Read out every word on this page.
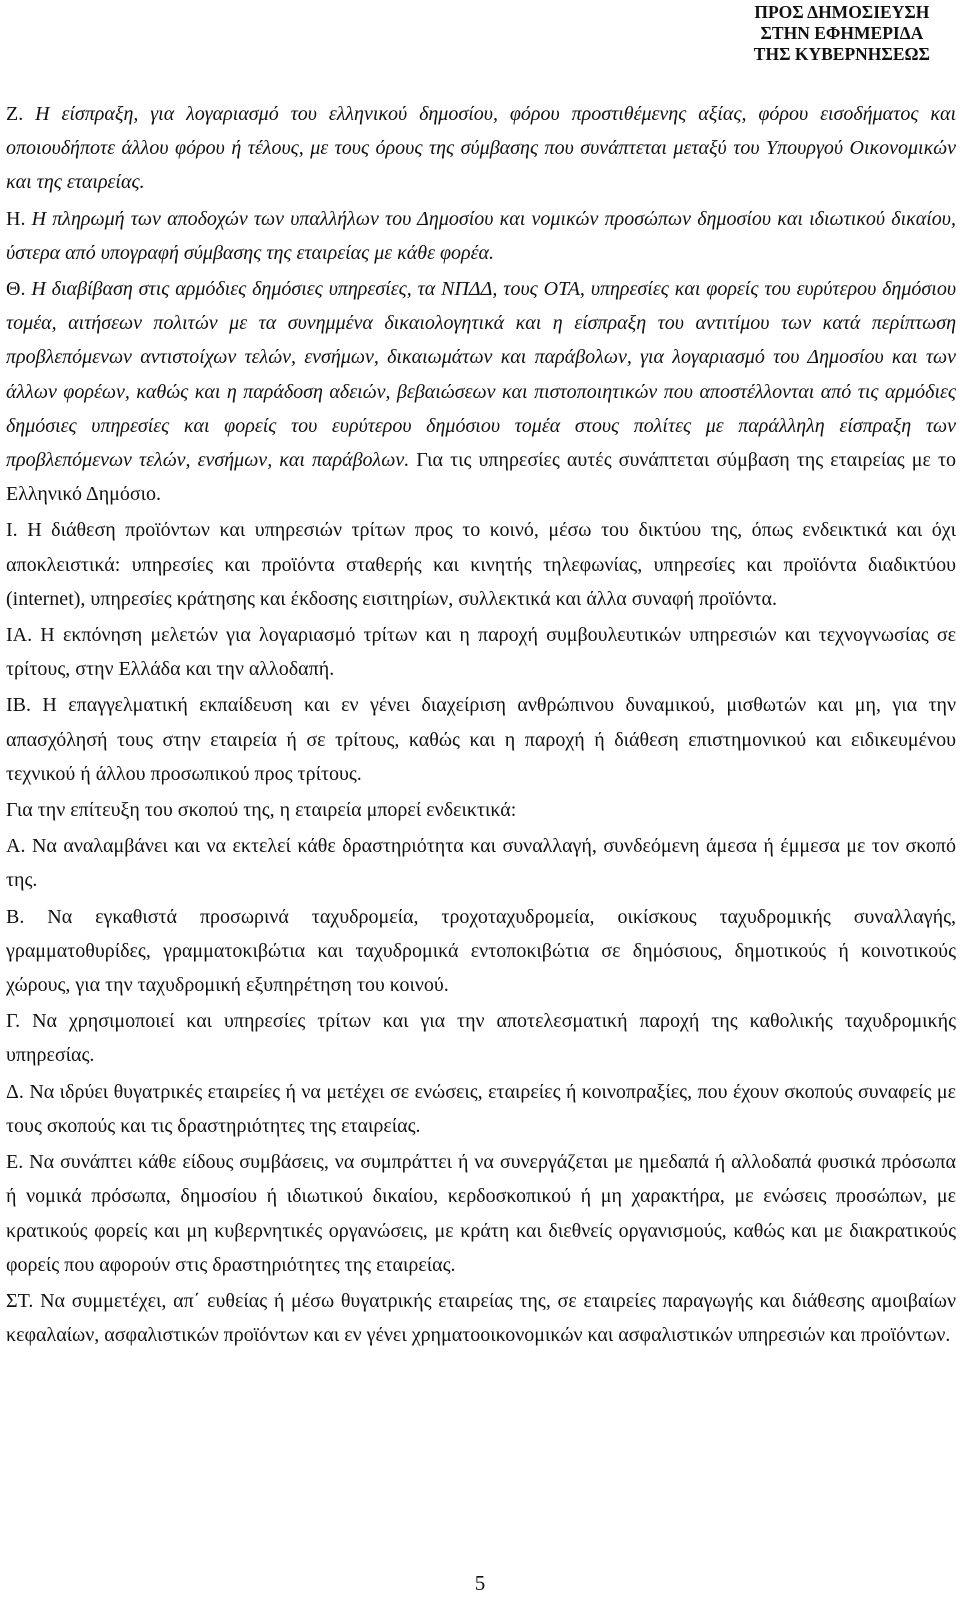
ΠΡΟΣ ΔΗΜΟΣΙΕΥΣΗ
ΣΤΗΝ ΕΦΗΜΕΡΙΔΑ
ΤΗΣ ΚΥΒΕΡΝΗΣΕΩΣ

Ζ. Η είσπραξη, για λογαριασμό του ελληνικού δημοσίου, φόρου προστιθέμενης αξίας, φόρου εισοδήματος και οποιουδήποτε άλλου φόρου ή τέλους, με τους όρους της σύμβασης που συνάπτεται μεταξύ του Υπουργού Οικονομικών και της εταιρείας.

Η. Η πληρωμή των αποδοχών των υπαλλήλων του Δημοσίου και νομικών προσώπων δημοσίου και ιδιωτικού δικαίου, ύστερα από υπογραφή σύμβασης της εταιρείας με κάθε φορέα.

Θ. Η διαβίβαση στις αρμόδιες δημόσιες υπηρεσίες, τα ΝΠΔΔ, τους ΟΤΑ, υπηρεσίες και φορείς του ευρύτερου δημόσιου τομέα, αιτήσεων πολιτών με τα συνημμένα δικαιολογητικά και η είσπραξη του αντιτίμου των κατά περίπτωση προβλεπόμενων αντιστοίχων τελών, ενσήμων, δικαιωμάτων και παράβολων, για λογαριασμό του Δημοσίου και των άλλων φορέων, καθώς και η παράδοση αδειών, βεβαιώσεων και πιστοποιητικών που αποστέλλονται από τις αρμόδιες δημόσιες υπηρεσίες και φορείς του ευρύτερου δημόσιου τομέα στους πολίτες με παράλληλη είσπραξη των προβλεπόμενων τελών, ενσήμων, και παράβολων. Για τις υπηρεσίες αυτές συνάπτεται σύμβαση της εταιρείας με το Ελληνικό Δημόσιο.

Ι. Η διάθεση προϊόντων και υπηρεσιών τρίτων προς το κοινό, μέσω του δικτύου της, όπως ενδεικτικά και όχι αποκλειστικά: υπηρεσίες και προϊόντα σταθερής και κινητής τηλεφωνίας, υπηρεσίες και προϊόντα διαδικτύου (internet), υπηρεσίες κράτησης και έκδοσης εισιτηρίων, συλλεκτικά και άλλα συναφή προϊόντα.

ΙΑ. Η εκπόνηση μελετών για λογαριασμό τρίτων και η παροχή συμβουλευτικών υπηρεσιών και τεχνογνωσίας σε τρίτους, στην Ελλάδα και την αλλοδαπή.

ΙΒ. Η επαγγελματική εκπαίδευση και εν γένει διαχείριση ανθρώπινου δυναμικού, μισθωτών και μη, για την απασχόλησή τους στην εταιρεία ή σε τρίτους, καθώς και η παροχή ή διάθεση επιστημονικού και ειδικευμένου τεχνικού ή άλλου προσωπικού προς τρίτους.

Για την επίτευξη του σκοπού της, η εταιρεία μπορεί ενδεικτικά:

Α. Να αναλαμβάνει και να εκτελεί κάθε δραστηριότητα και συναλλαγή, συνδεόμενη άμεσα ή έμμεσα με τον σκοπό της.

Β. Να εγκαθιστά προσωρινά ταχυδρομεία, τροχοταχυδρομεία, οικίσκους ταχυδρομικής συναλλαγής, γραμματοθυρίδες, γραμματοκιβώτια και ταχυδρομικά εντοποκιβώτια σε δημόσιους, δημοτικούς ή κοινοτικούς χώρους, για την ταχυδρομική εξυπηρέτηση του κοινού.

Γ. Να χρησιμοποιεί και υπηρεσίες τρίτων και για την αποτελεσματική παροχή της καθολικής ταχυδρομικής υπηρεσίας.

Δ. Να ιδρύει θυγατρικές εταιρείες ή να μετέχει σε ενώσεις, εταιρείες ή κοινοπραξίες, που έχουν σκοπούς συναφείς με τους σκοπούς και τις δραστηριότητες της εταιρείας.

Ε. Να συνάπτει κάθε είδους συμβάσεις, να συμπράττει ή να συνεργάζεται με ημεδαπά ή αλλοδαπά φυσικά πρόσωπα ή νομικά πρόσωπα, δημοσίου ή ιδιωτικού δικαίου, κερδοσκοπικού ή μη χαρακτήρα, με ενώσεις προσώπων, με κρατικούς φορείς και μη κυβερνητικές οργανώσεις, με κράτη και διεθνείς οργανισμούς, καθώς και με διακρατικούς φορείς που αφορούν στις δραστηριότητες της εταιρείας.

ΣΤ. Να συμμετέχει, απ΄ ευθείας ή μέσω θυγατρικής εταιρείας της, σε εταιρείες παραγωγής και διάθεσης αμοιβαίων κεφαλαίων, ασφαλιστικών προϊόντων και εν γένει χρηματοοικονομικών και ασφαλιστικών υπηρεσιών και προϊόντων.

5
